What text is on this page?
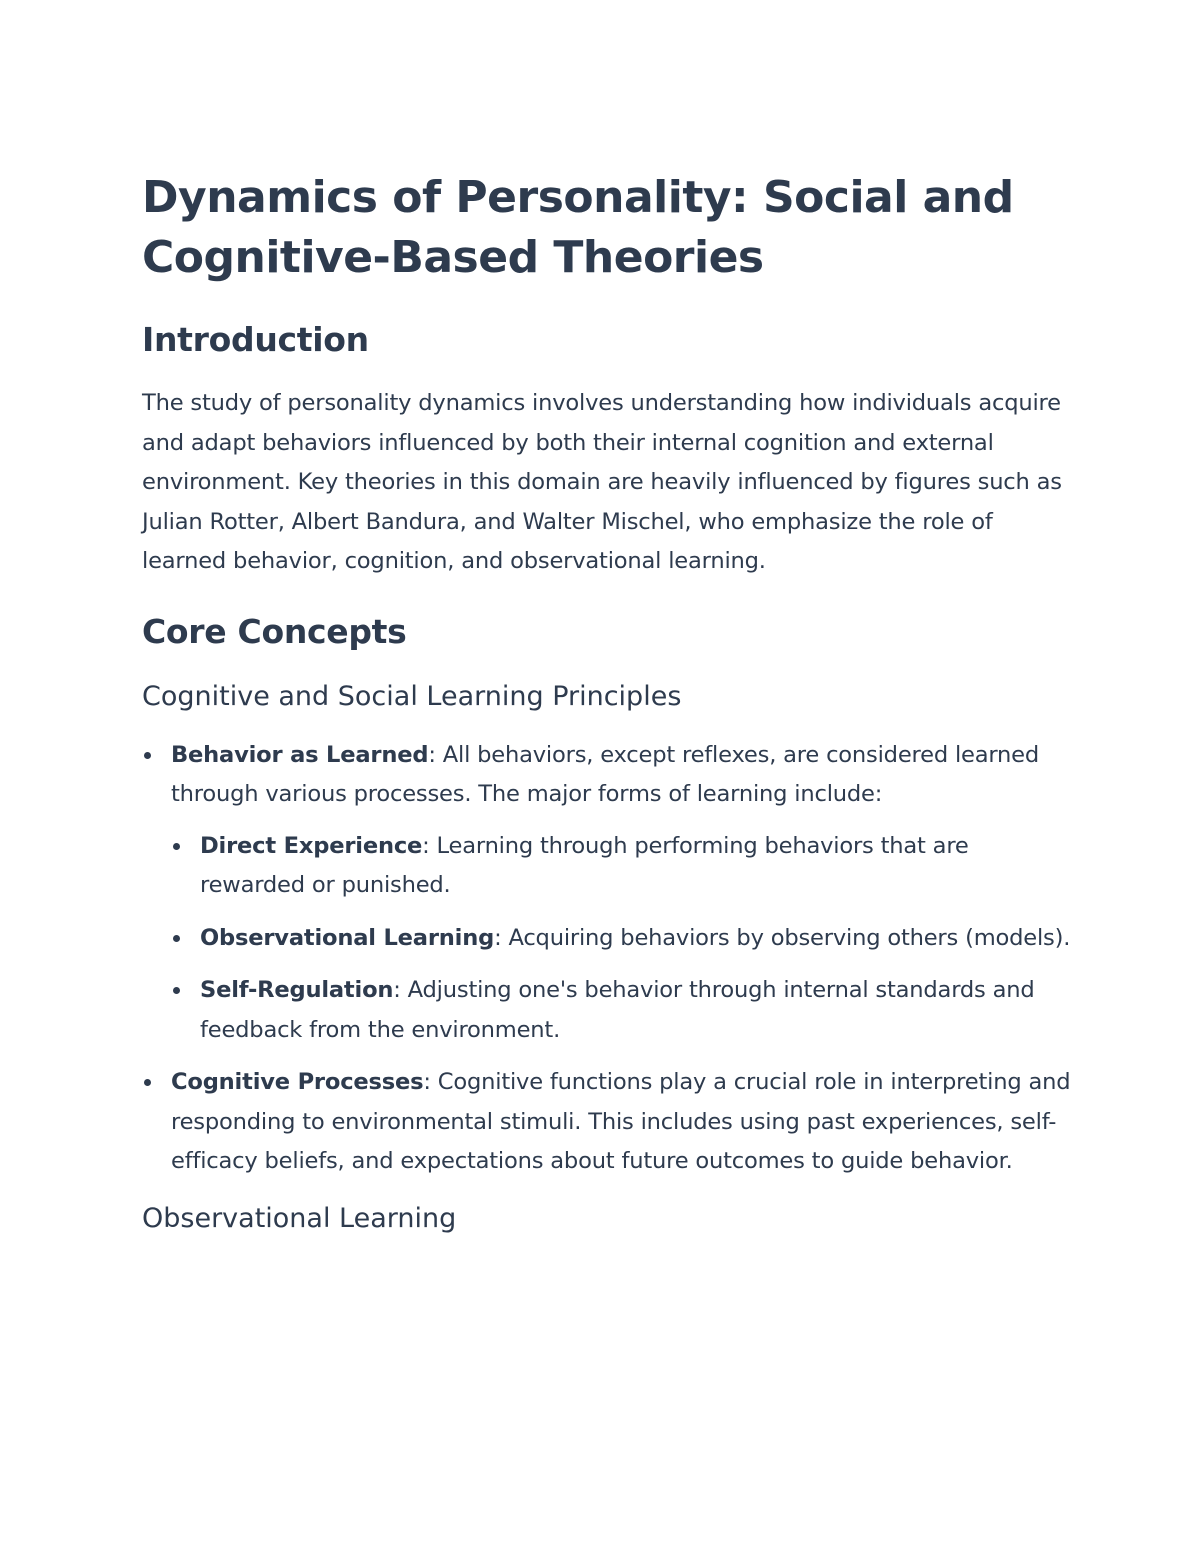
Dynamics of Personality: Social and Cognitive-Based Theories
Introduction

The study of personality dynamics involves understanding how individuals acquire and adapt behaviors influenced by both their internal cognition and external environment. Key theories in this domain are heavily influenced by figures such as Julian Rotter, Albert Bandura, and Walter Mischel, who emphasize the role of learned behavior, cognition, and observational learning.

Core Concepts
Cognitive and Social Learning Principles
Behavior as Learned: All behaviors, except reflexes, are considered learned through various processes. The major forms of learning include:
Direct Experience: Learning through performing behaviors that are rewarded or punished.
Observational Learning: Acquiring behaviors by observing others (models).
Self-Regulation: Adjusting one's behavior through internal standards and feedback from the environment.
Cognitive Processes: Cognitive functions play a crucial role in interpreting and responding to environmental stimuli. This includes using past experiences, self-efficacy beliefs, and expectations about future outcomes to guide behavior.
Observational Learning
